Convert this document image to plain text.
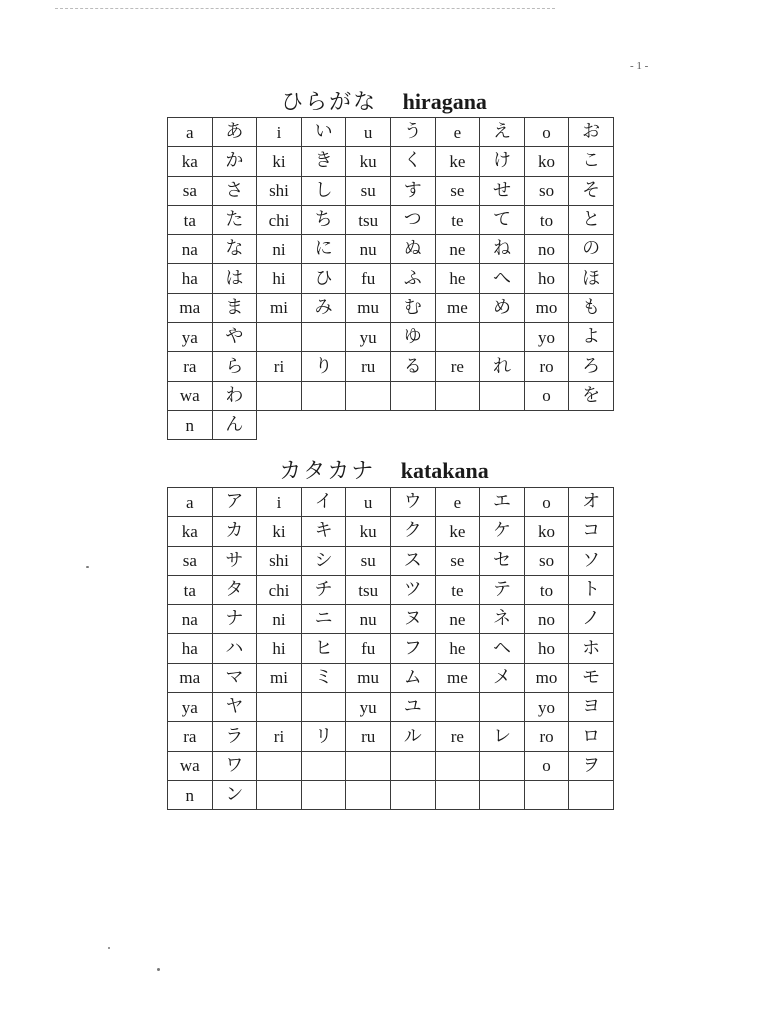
- 1 -
ひらがな hiragana
a	あ	i	い	u	う	e	え	o	お
ka	か	ki	き	ku	く	ke	け	ko	こ
sa	さ	shi	し	su	す	se	せ	so	そ
ta	た	chi	ち	tsu	つ	te	て	to	と
na	な	ni	に	nu	ぬ	ne	ね	no	の
ha	は	hi	ひ	fu	ふ	he	へ	ho	ほ
ma	ま	mi	み	mu	む	me	め	mo	も
ya	や			yu	ゆ			yo	よ
ra	ら	ri	り	ru	る	re	れ	ro	ろ
wa	わ							o	を
n	ん								
カタカナ katakana
a	ア	i	イ	u	ウ	e	エ	o	オ
ka	カ	ki	キ	ku	ク	ke	ケ	ko	コ
sa	サ	shi	シ	su	ス	se	セ	so	ソ
ta	タ	chi	チ	tsu	ツ	te	テ	to	ト
na	ナ	ni	ニ	nu	ヌ	ne	ネ	no	ノ
ha	ハ	hi	ヒ	fu	フ	he	ヘ	ho	ホ
ma	マ	mi	ミ	mu	ム	me	メ	mo	モ
ya	ヤ			yu	ユ			yo	ヨ
ra	ラ	ri	リ	ru	ル	re	レ	ro	ロ
wa	ワ							o	ヲ
n	ン								
